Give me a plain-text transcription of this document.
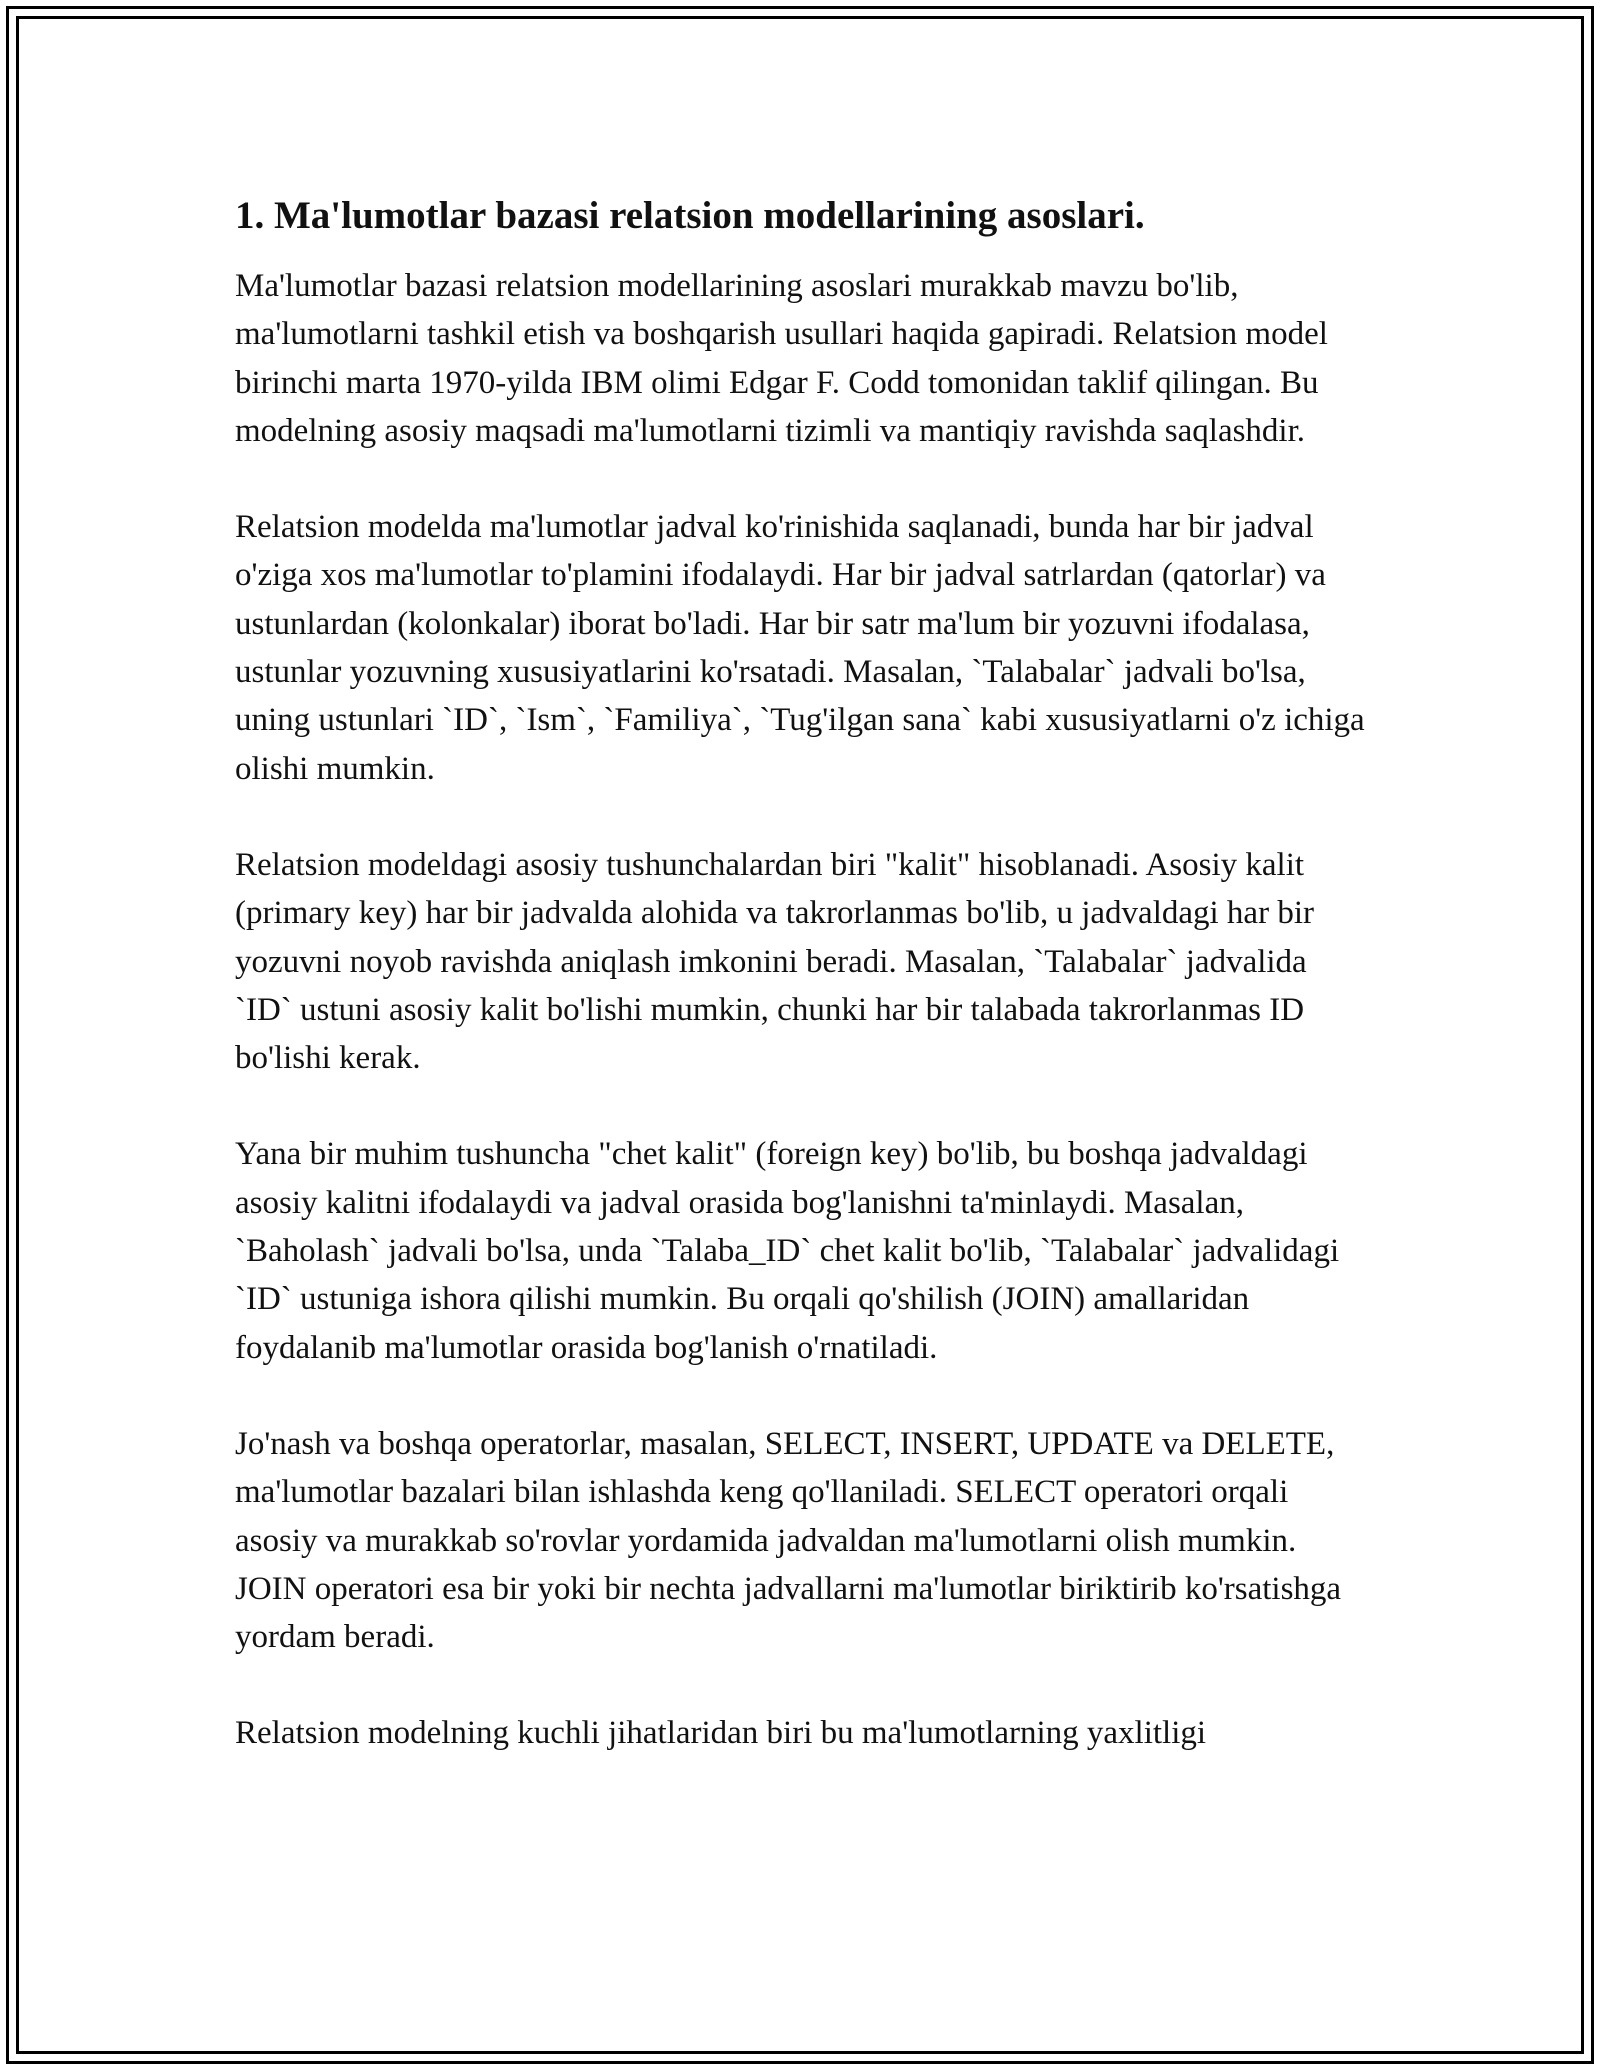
1. Ma'lumotlar bazasi relatsion modellarining asoslari.

Ma'lumotlar bazasi relatsion modellarining asoslari murakkab mavzu bo'lib, ma'lumotlarni tashkil etish va boshqarish usullari haqida gapiradi. Relatsion model birinchi marta 1970-yilda IBM olimi Edgar F. Codd tomonidan taklif qilingan. Bu modelning asosiy maqsadi ma'lumotlarni tizimli va mantiqiy ravishda saqlashdir.

Relatsion modelda ma'lumotlar jadval ko'rinishida saqlanadi, bunda har bir jadval o'ziga xos ma'lumotlar to'plamini ifodalaydi. Har bir jadval satrlardan (qatorlar) va ustunlardan (kolonkalar) iborat bo'ladi. Har bir satr ma'lum bir yozuvni ifodalasa, ustunlar yozuvning xususiyatlarini ko'rsatadi. Masalan, `Talabalar` jadvali bo'lsa, uning ustunlari `ID`, `Ism`, `Familiya`, `Tug'ilgan sana` kabi xususiyatlarni o'z ichiga olishi mumkin.

Relatsion modeldagi asosiy tushunchalardan biri "kalit" hisoblanadi. Asosiy kalit (primary key) har bir jadvalda alohida va takrorlanmas bo'lib, u jadvaldagi har bir yozuvni noyob ravishda aniqlash imkonini beradi. Masalan, `Talabalar` jadvalida `ID` ustuni asosiy kalit bo'lishi mumkin, chunki har bir talabada takrorlanmas ID bo'lishi kerak.

Yana bir muhim tushuncha "chet kalit" (foreign key) bo'lib, bu boshqa jadvaldagi asosiy kalitni ifodalaydi va jadval orasida bog'lanishni ta'minlaydi. Masalan, `Baholash` jadvali bo'lsa, unda `Talaba_ID` chet kalit bo'lib, `Talabalar` jadvalidagi `ID` ustuniga ishora qilishi mumkin. Bu orqali qo'shilish (JOIN) amallaridan foydalanib ma'lumotlar orasida bog'lanish o'rnatiladi.

Jo'nash va boshqa operatorlar, masalan, SELECT, INSERT, UPDATE va DELETE, ma'lumotlar bazalari bilan ishlashda keng qo'llaniladi. SELECT operatori orqali asosiy va murakkab so'rovlar yordamida jadvaldan ma'lumotlarni olish mumkin. JOIN operatori esa bir yoki bir nechta jadvallarni ma'lumotlar biriktirib ko'rsatishga yordam beradi.

Relatsion modelning kuchli jihatlaridan biri bu ma'lumotlarning yaxlitligi
